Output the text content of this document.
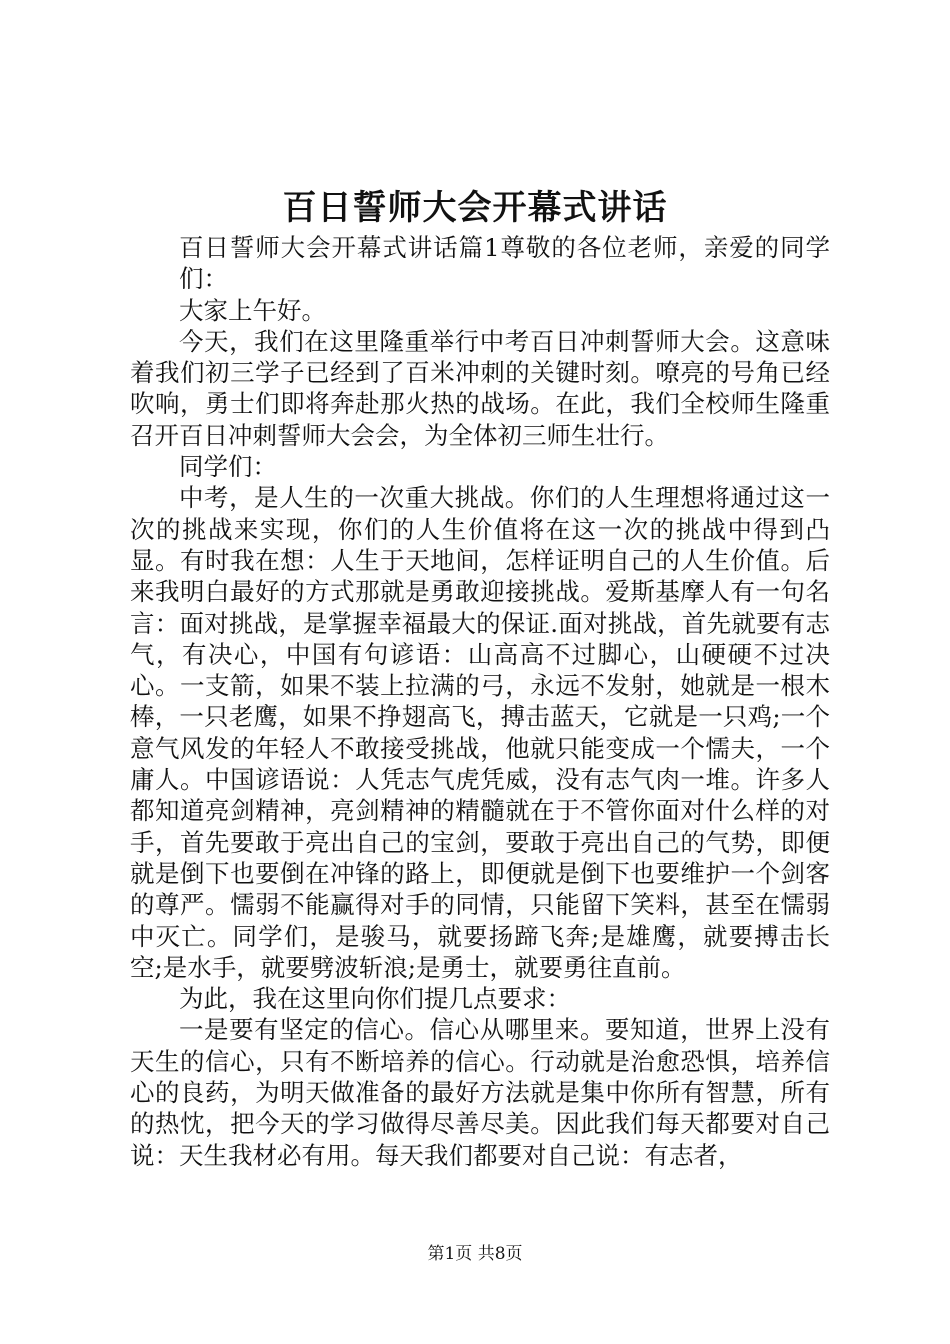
百日誓师大会开幕式讲话

百日誓师大会开幕式讲话篇1尊敬的各位老师，亲爱的同学们：

大家上午好。

今天，我们在这里隆重举行中考百日冲刺誓师大会。这意味着我们初三学子已经到了百米冲刺的关键时刻。嘹亮的号角已经吹响，勇士们即将奔赴那火热的战场。在此，我们全校师生隆重召开百日冲刺誓师大会会，为全体初三师生壮行。

同学们：

中考，是人生的一次重大挑战。你们的人生理想将通过这一次的挑战来实现，你们的人生价值将在这一次的挑战中得到凸显。有时我在想：人生于天地间，怎样证明自己的人生价值。后来我明白最好的方式那就是勇敢迎接挑战。爱斯基摩人有一句名言：面对挑战，是掌握幸福最大的保证.面对挑战，首先就要有志气，有决心，中国有句谚语：山高高不过脚心，山硬硬不过决心。一支箭，如果不装上拉满的弓，永远不发射，她就是一根木棒，一只老鹰，如果不挣翅高飞，搏击蓝天，它就是一只鸡;一个意气风发的年轻人不敢接受挑战，他就只能变成一个懦夫，一个庸人。中国谚语说：人凭志气虎凭威，没有志气肉一堆。许多人都知道亮剑精神，亮剑精神的精髓就在于不管你面对什么样的对手，首先要敢于亮出自己的宝剑，要敢于亮出自己的气势，即便就是倒下也要倒在冲锋的路上，即便就是倒下也要维护一个剑客的尊严。懦弱不能赢得对手的同情，只能留下笑料，甚至在懦弱中灭亡。同学们，是骏马，就要扬蹄飞奔;是雄鹰，就要搏击长空;是水手，就要劈波斩浪;是勇士，就要勇往直前。

为此，我在这里向你们提几点要求：

一是要有坚定的信心。信心从哪里来。要知道，世界上没有天生的信心，只有不断培养的信心。行动就是治愈恐惧，培养信心的良药，为明天做准备的最好方法就是集中你所有智慧，所有的热忱，把今天的学习做得尽善尽美。因此我们每天都要对自己说：天生我材必有用。每天我们都要对自己说：有志者，

第1页 共8页
